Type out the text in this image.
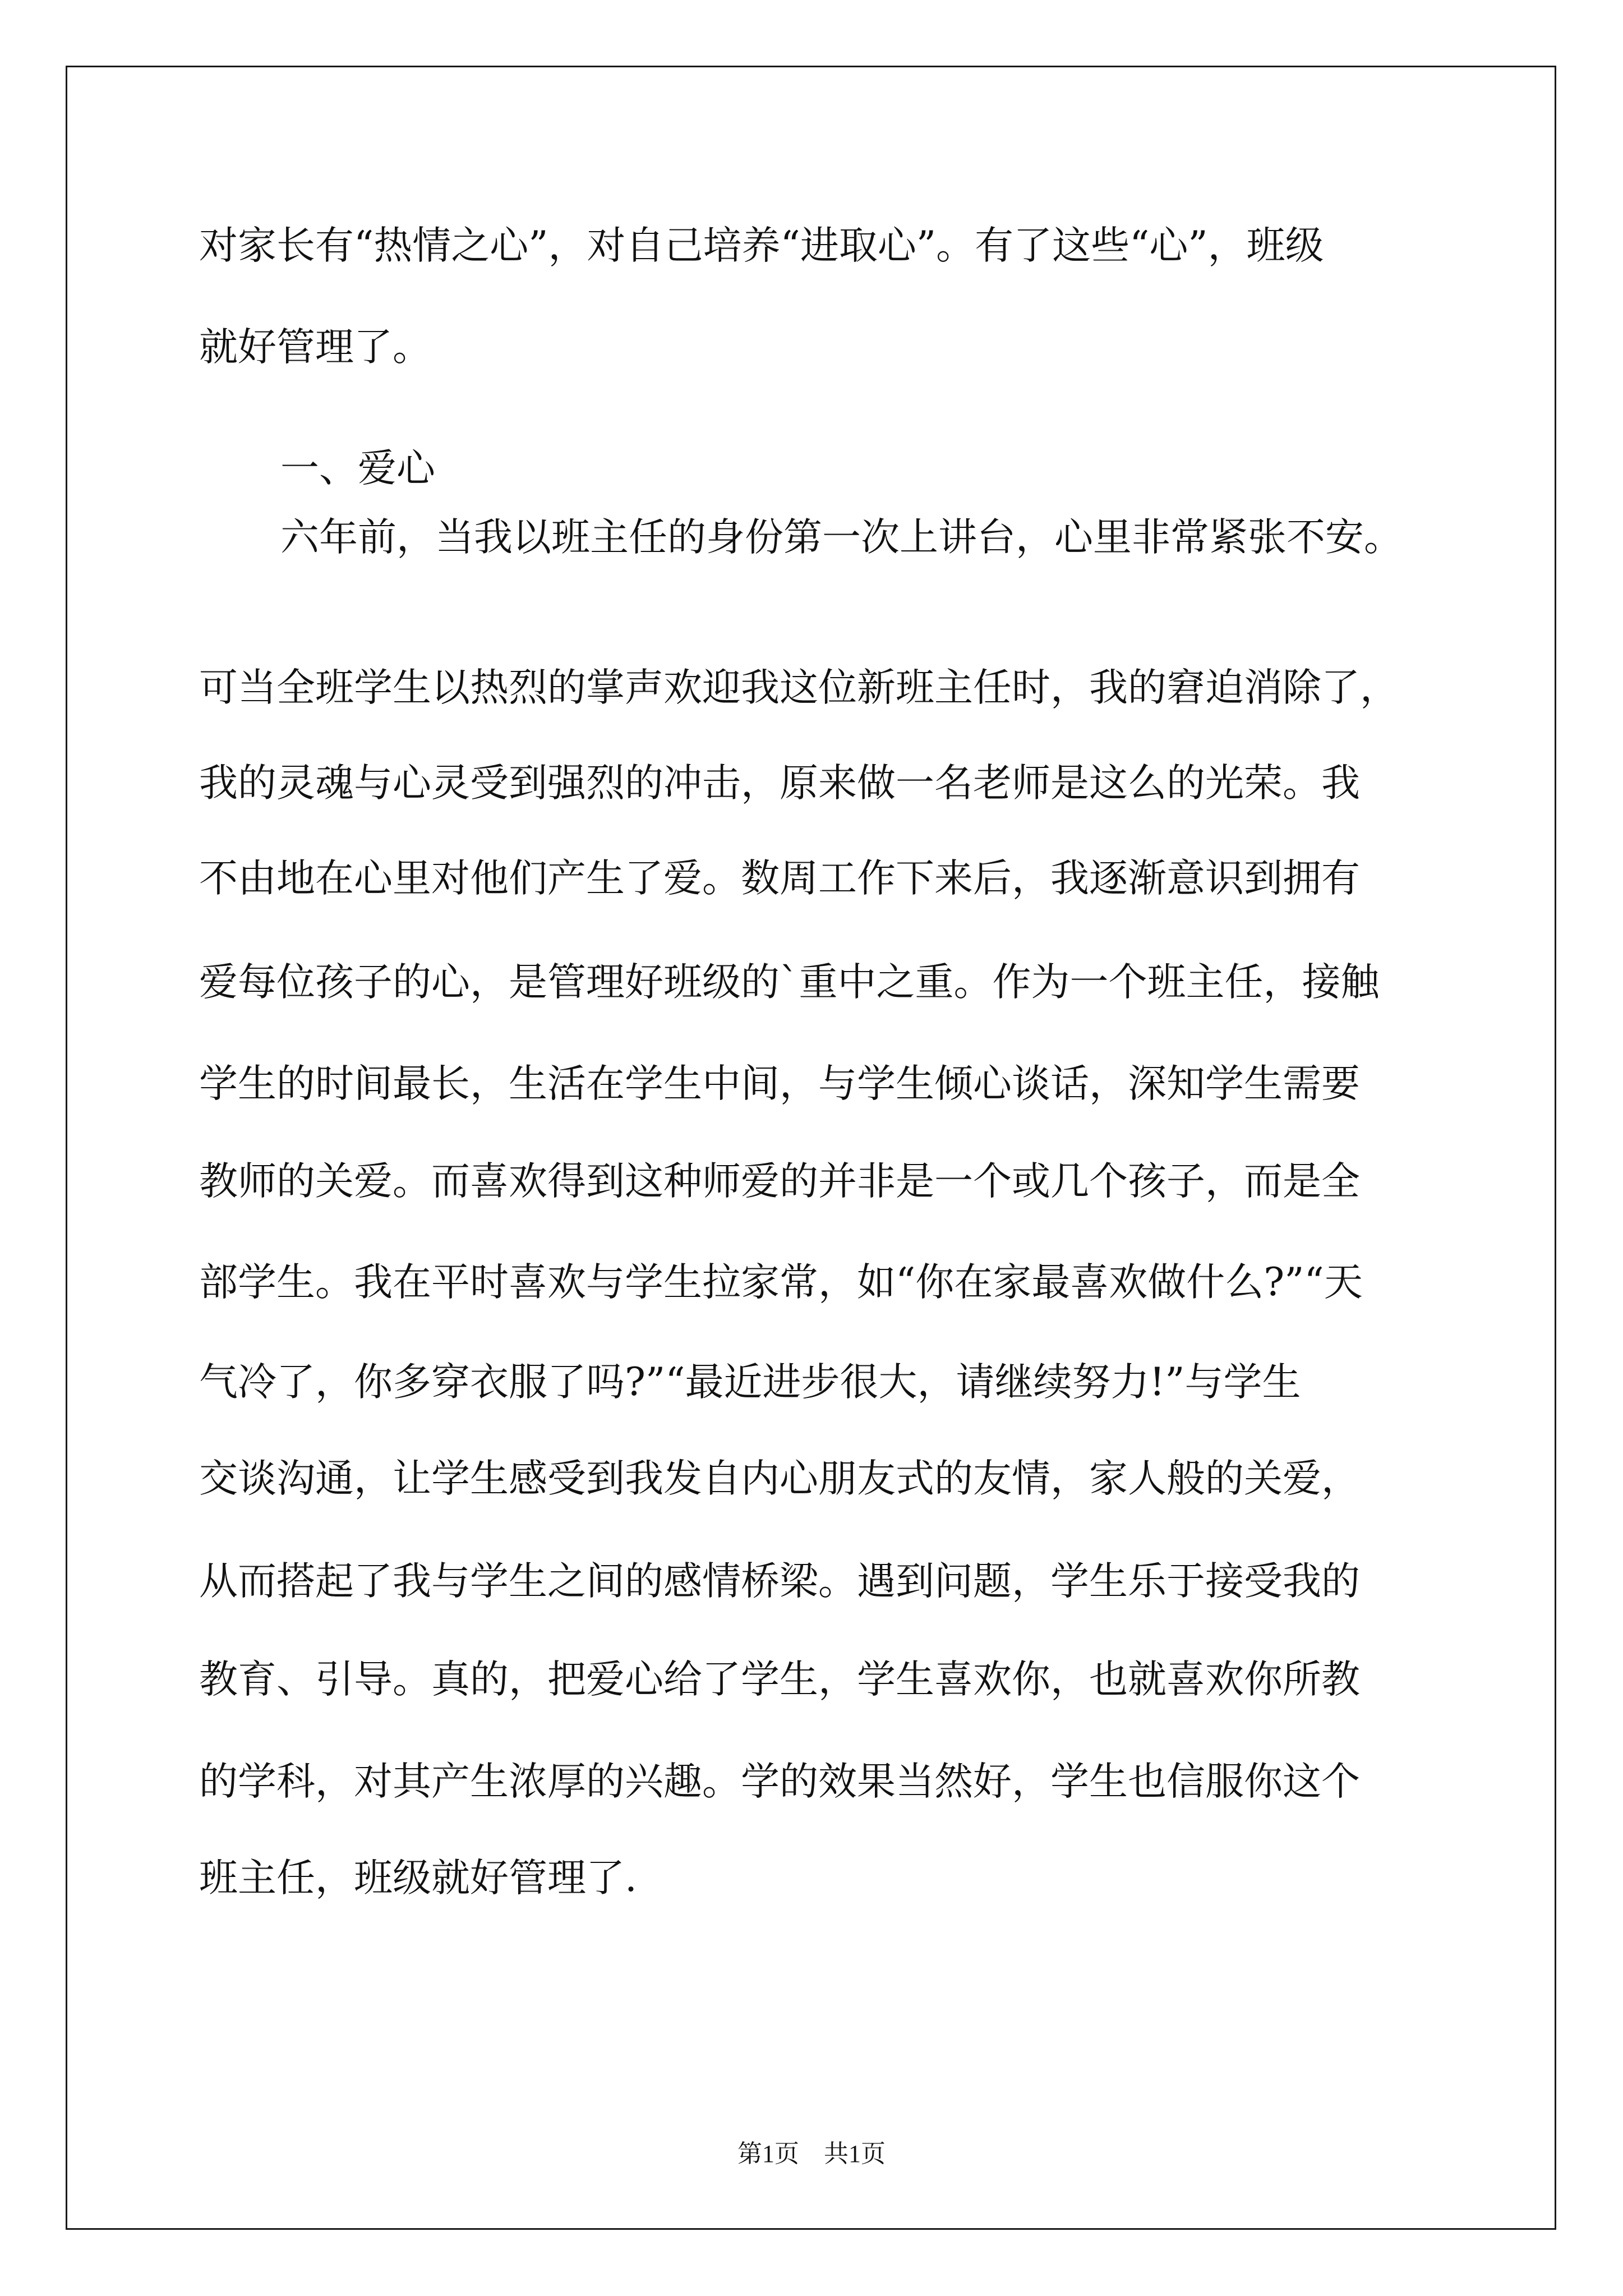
对家长有“热情之心”，对自己培养“进取心”。有了这些“心”，班级
就好管理了。
一、爱心
六年前，当我以班主任的身份第一次上讲台，心里非常紧张不安。
可当全班学生以热烈的掌声欢迎我这位新班主任时，我的窘迫消除了，
我的灵魂与心灵受到强烈的冲击，原来做一名老师是这么的光荣。我
不由地在心里对他们产生了爱。数周工作下来后，我逐渐意识到拥有
爱每位孩子的心，是管理好班级的`重中之重。作为一个班主任，接触
学生的时间最长，生活在学生中间，与学生倾心谈话，深知学生需要
教师的关爱。而喜欢得到这种师爱的并非是一个或几个孩子，而是全
部学生。我在平时喜欢与学生拉家常，如“你在家最喜欢做什么?”“天
气冷了，你多穿衣服了吗?”“最近进步很大，请继续努力!”与学生
交谈沟通，让学生感受到我发自内心朋友式的友情，家人般的关爱，
从而搭起了我与学生之间的感情桥梁。遇到问题，学生乐于接受我的
教育、引导。真的，把爱心给了学生，学生喜欢你，也就喜欢你所教
的学科，对其产生浓厚的兴趣。学的效果当然好，学生也信服你这个
班主任，班级就好管理了.
第1页 共1页
